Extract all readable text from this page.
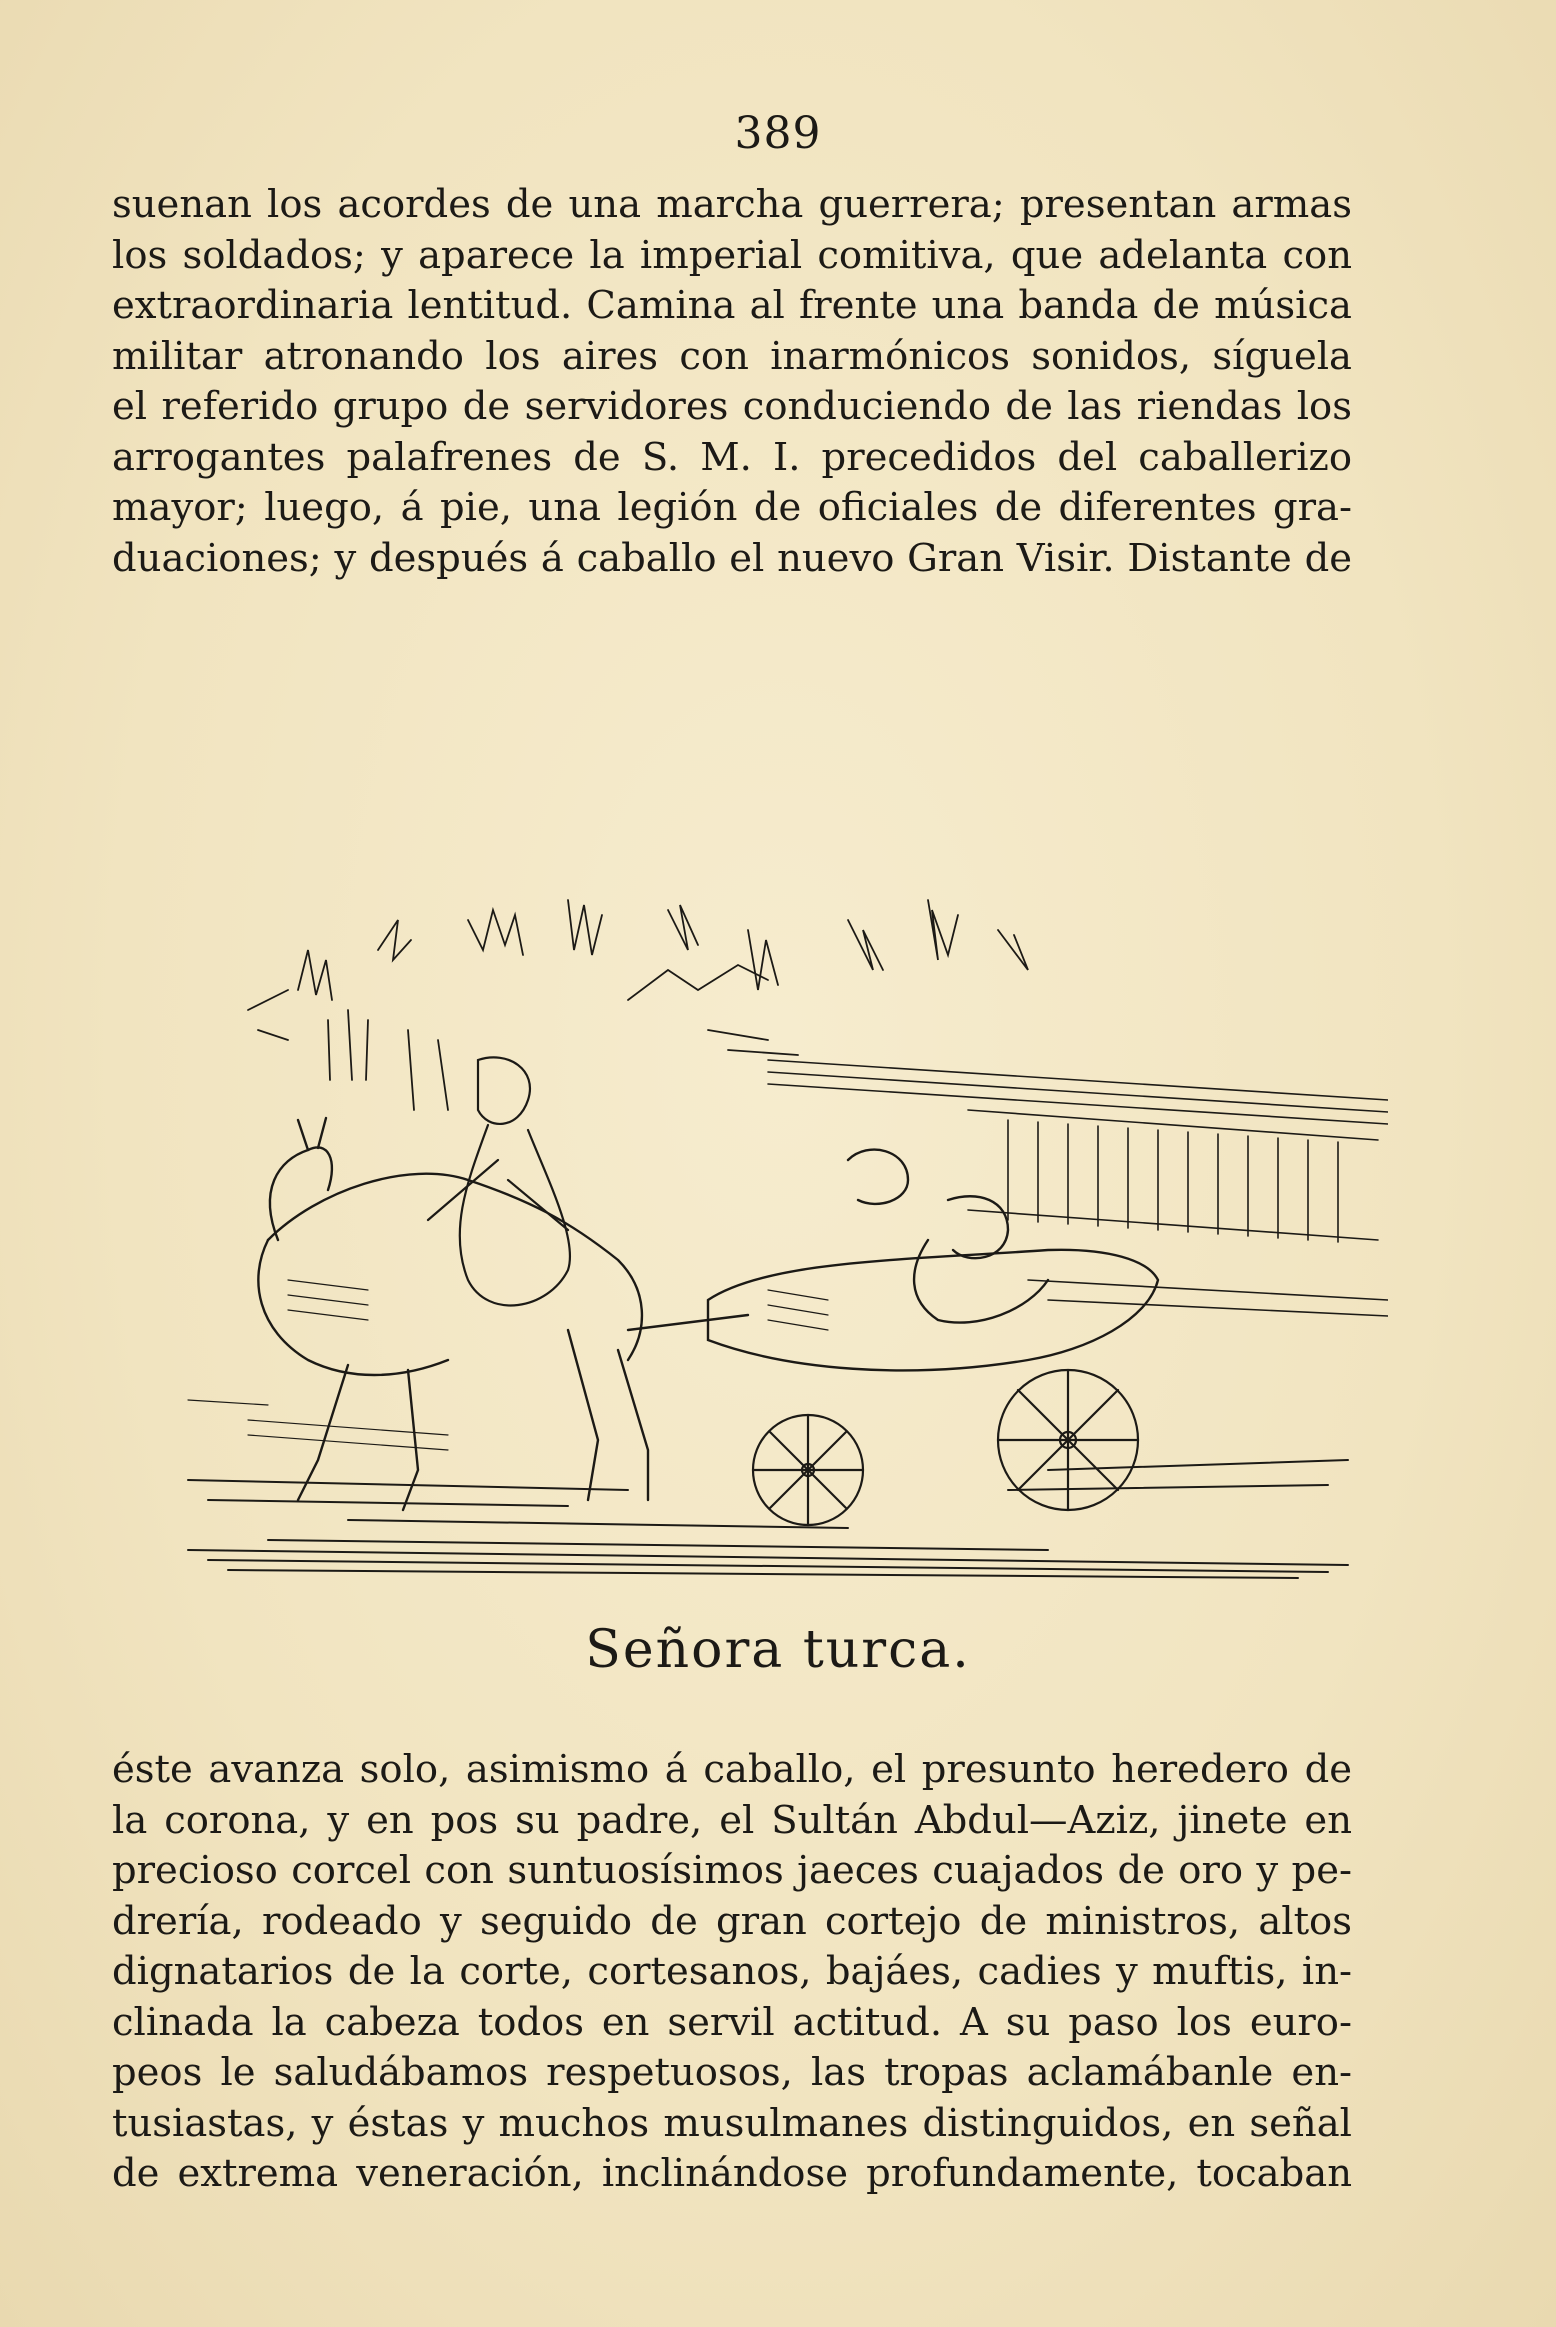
389
suenan los acordes de una marcha guerrera; presentan armas
los soldados; y aparece la imperial comitiva, que adelanta con
extraordinaria lentitud. Camina al frente una banda de música
militar atronando los aires con inarmónicos sonidos, síguela
el referido grupo de servidores conduciendo de las riendas los
arrogantes palafrenes de S. M. I. precedidos del caballerizo
mayor; luego, á pie, una legión de oficiales de diferentes gra-
duaciones; y después á caballo el nuevo Gran Visir. Distante de
Señora turca.
éste avanza solo, asimismo á caballo, el presunto heredero de
la corona, y en pos su padre, el Sultán Abdul—Aziz, jinete en
precioso corcel con suntuosísimos jaeces cuajados de oro y pe-
drería, rodeado y seguido de gran cortejo de ministros, altos
dignatarios de la corte, cortesanos, bajáes, cadies y muftis, in-
clinada la cabeza todos en servil actitud. A su paso los euro-
peos le saludábamos respetuosos, las tropas aclamábanle en-
tusiastas, y éstas y muchos musulmanes distinguidos, en señal
de extrema veneración, inclinándose profundamente, tocaban
